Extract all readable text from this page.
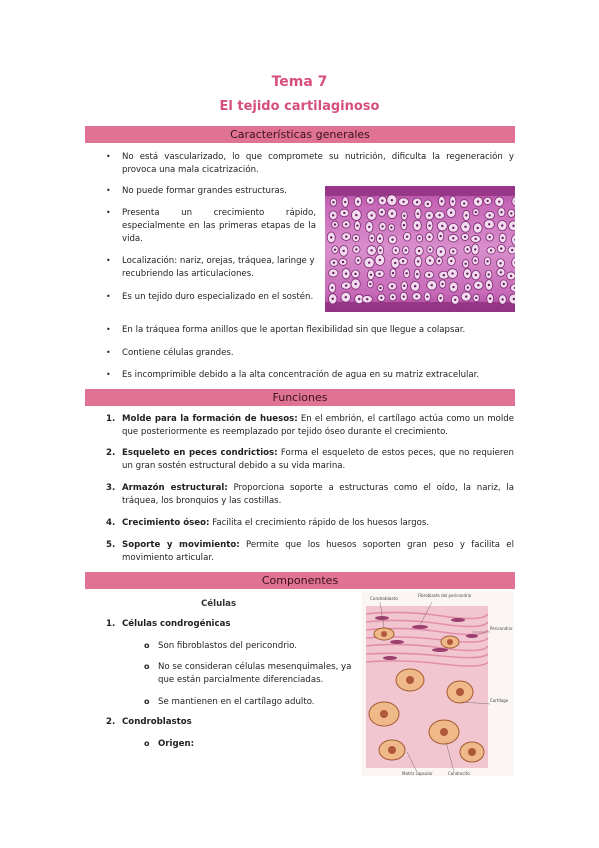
Tema 7
El tejido cartilaginoso
Características generales
• No está vascularizado, lo que compromete su nutrición, dificulta la regeneración y provoca una mala cicatrización.
• No puede formar grandes estructuras.
• Presenta un crecimiento rápido, especialmente en las primeras etapas de la vida.
• Localización: nariz, orejas, tráquea, laringe y recubriendo las articulaciones.
• Es un tejido duro especializado en el sostén.
• En la tráquea forma anillos que le aportan flexibilidad sin que llegue a colapsar.
• Contiene células grandes.
• Es incomprimible debido a la alta concentración de agua en su matriz extracelular.
Funciones
1. Molde para la formación de huesos: En el embrión, el cartílago actúa como un molde que posteriormente es reemplazado por tejido óseo durante el crecimiento.
2. Esqueleto en peces condrictios: Forma el esqueleto de estos peces, que no requieren un gran sostén estructural debido a su vida marina.
3. Armazón estructural: Proporciona soporte a estructuras como el oído, la nariz, la tráquea, los bronquios y las costillas.
4. Crecimiento óseo: Facilita el crecimiento rápido de los huesos largos.
5. Soporte y movimiento: Permite que los huesos soporten gran peso y facilita el movimiento articular.
Componentes
Células
1. Células condrogénicas
o Son fibroblastos del pericondrio.
o No se consideran células mesenquimales, ya que están parcialmente diferenciadas.
o Se mantienen en el cartílago adulto.
2. Condroblastos
o Origen:
Condroblasto
Fibroblasto del pericondrio
Pericondrio
Cartílago
Matriz capsular	Condrocito
